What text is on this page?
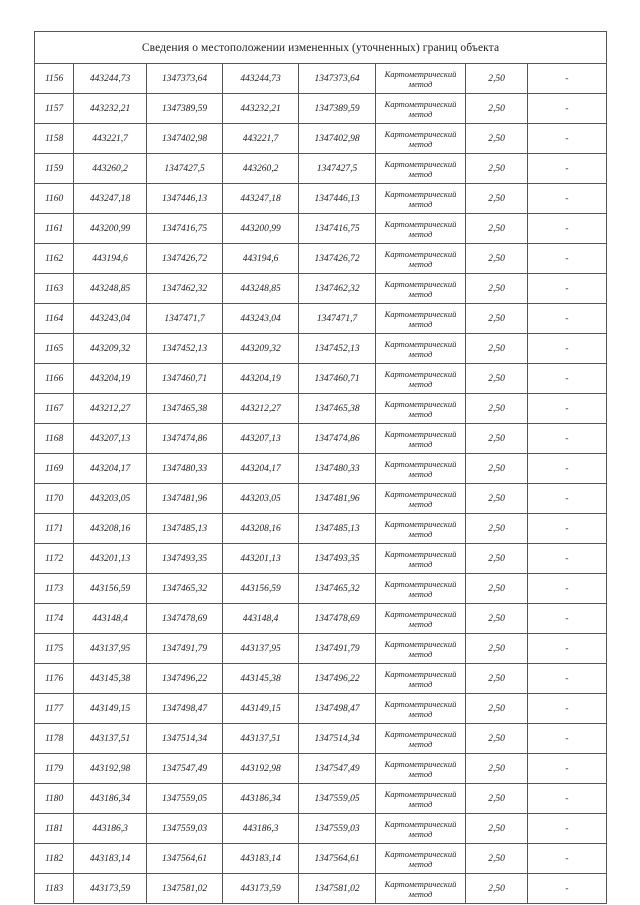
Сведения о местоположении измененных (уточненных) границ объекта							
1156	443244,73	1347373,64	443244,73	1347373,64	Картометрический метод	2,50	-
1157	443232,21	1347389,59	443232,21	1347389,59	Картометрический метод	2,50	-
1158	443221,7	1347402,98	443221,7	1347402,98	Картометрический метод	2,50	-
1159	443260,2	1347427,5	443260,2	1347427,5	Картометрический метод	2,50	-
1160	443247,18	1347446,13	443247,18	1347446,13	Картометрический метод	2,50	-
1161	443200,99	1347416,75	443200,99	1347416,75	Картометрический метод	2,50	-
1162	443194,6	1347426,72	443194,6	1347426,72	Картометрический метод	2,50	-
1163	443248,85	1347462,32	443248,85	1347462,32	Картометрический метод	2,50	-
1164	443243,04	1347471,7	443243,04	1347471,7	Картометрический метод	2,50	-
1165	443209,32	1347452,13	443209,32	1347452,13	Картометрический метод	2,50	-
1166	443204,19	1347460,71	443204,19	1347460,71	Картометрический метод	2,50	-
1167	443212,27	1347465,38	443212,27	1347465,38	Картометрический метод	2,50	-
1168	443207,13	1347474,86	443207,13	1347474,86	Картометрический метод	2,50	-
1169	443204,17	1347480,33	443204,17	1347480,33	Картометрический метод	2,50	-
1170	443203,05	1347481,96	443203,05	1347481,96	Картометрический метод	2,50	-
1171	443208,16	1347485,13	443208,16	1347485,13	Картометрический метод	2,50	-
1172	443201,13	1347493,35	443201,13	1347493,35	Картометрический метод	2,50	-
1173	443156,59	1347465,32	443156,59	1347465,32	Картометрический метод	2,50	-
1174	443148,4	1347478,69	443148,4	1347478,69	Картометрический метод	2,50	-
1175	443137,95	1347491,79	443137,95	1347491,79	Картометрический метод	2,50	-
1176	443145,38	1347496,22	443145,38	1347496,22	Картометрический метод	2,50	-
1177	443149,15	1347498,47	443149,15	1347498,47	Картометрический метод	2,50	-
1178	443137,51	1347514,34	443137,51	1347514,34	Картометрический метод	2,50	-
1179	443192,98	1347547,49	443192,98	1347547,49	Картометрический метод	2,50	-
1180	443186,34	1347559,05	443186,34	1347559,05	Картометрический метод	2,50	-
1181	443186,3	1347559,03	443186,3	1347559,03	Картометрический метод	2,50	-
1182	443183,14	1347564,61	443183,14	1347564,61	Картометрический метод	2,50	-
1183	443173,59	1347581,02	443173,59	1347581,02	Картометрический метод	2,50	-
